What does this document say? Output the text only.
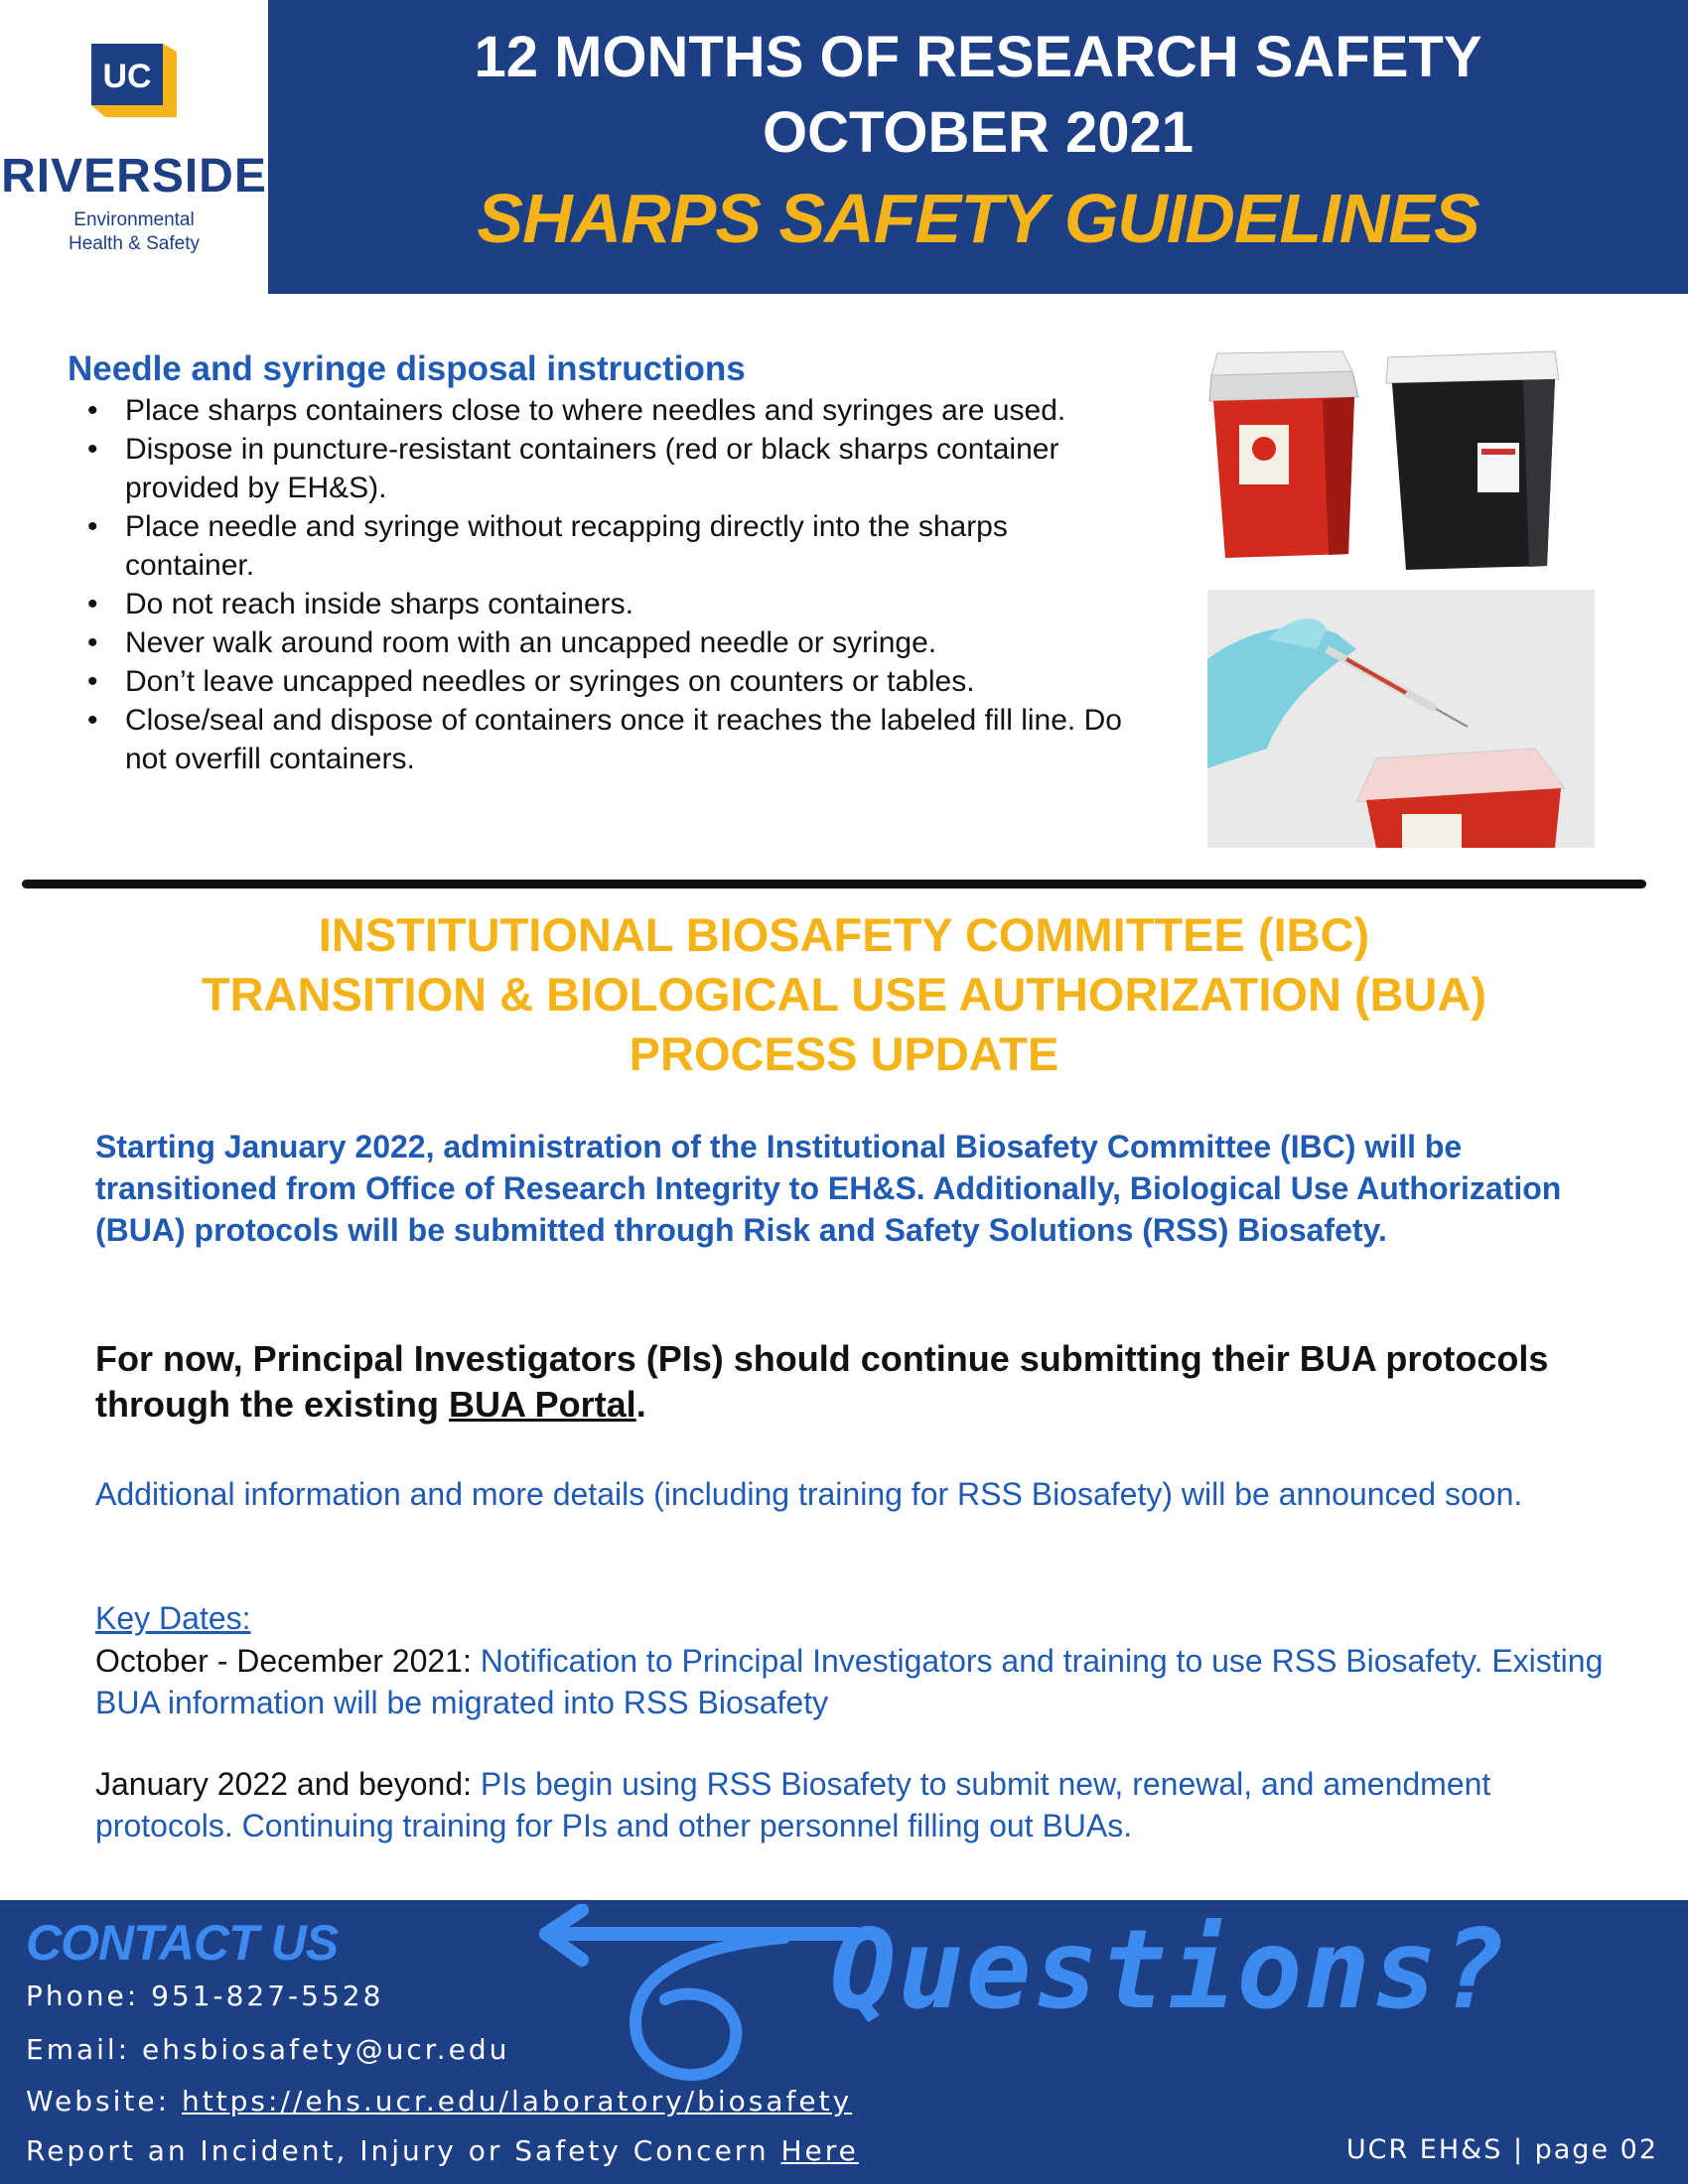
UC
RIVERSIDE
Environmental
Health & Safety
12 MONTHS OF RESEARCH SAFETY
OCTOBER 2021
SHARPS SAFETY GUIDELINES
Needle and syringe disposal instructions
• Place sharps containers close to where needles and syringes are used.
• Dispose in puncture-resistant containers (red or black sharps container provided by EH&S).
• Place needle and syringe without recapping directly into the sharps container.
• Do not reach inside sharps containers.
• Never walk around room with an uncapped needle or syringe.
• Don’t leave uncapped needles or syringes on counters or tables.
• Close/seal and dispose of containers once it reaches the labeled fill line. Do not overfill containers.
INSTITUTIONAL BIOSAFETY COMMITTEE (IBC)
TRANSITION & BIOLOGICAL USE AUTHORIZATION (BUA)
PROCESS UPDATE

Starting January 2022, administration of the Institutional Biosafety Committee (IBC) will be transitioned from Office of Research Integrity to EH&S. Additionally, Biological Use Authorization (BUA) protocols will be submitted through Risk and Safety Solutions (RSS) Biosafety.

For now, Principal Investigators (PIs) should continue submitting their BUA protocols through the existing BUA Portal.

Additional information and more details (including training for RSS Biosafety) will be announced soon.

Key Dates:

October - December 2021: Notification to Principal Investigators and training to use RSS Biosafety. Existing BUA information will be migrated into RSS Biosafety

January 2022 and beyond: PIs begin using RSS Biosafety to submit new, renewal, and amendment protocols. Continuing training for PIs and other personnel filling out BUAs.

CONTACT US	Questions?
Phone: 951-827-5528
Email: ehsbiosafety@ucr.edu
Website: https://ehs.ucr.edu/laboratory/biosafety
Report an Incident, Injury or Safety Concern Here	UCR EH&S | page 02
